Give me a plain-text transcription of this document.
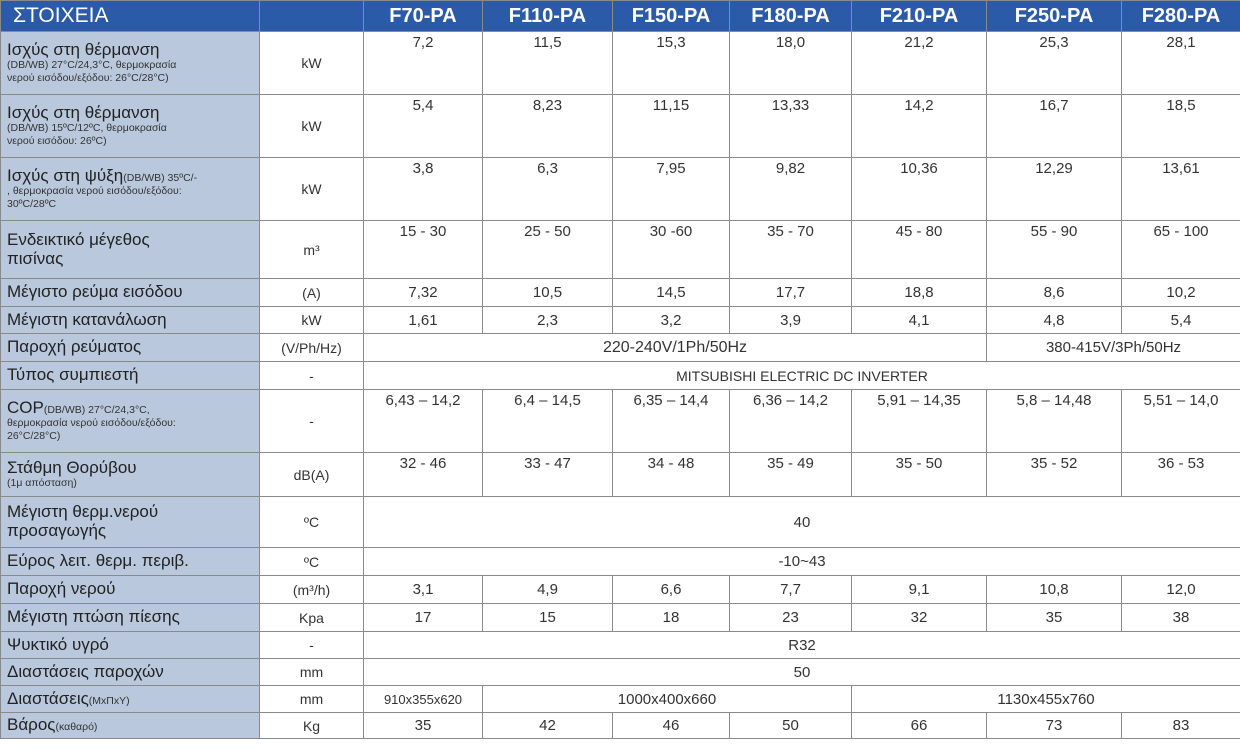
ΣΤΟΙΧΕΙΑ		F70-PA	F110-PA	F150-PA	F180-PA	F210-PA	F250-PA	F280-PA

Ισχύς στη θέρμανση
(DB/WB) 27°C/24,3°C, θερμοκρασία
νερού εισόδου/εξόδου: 26°C/28°C)	kW	7,2	11,5	15,3	18,0	21,2	25,3	28,1

Ισχύς στη θέρμανση
(DB/WB) 15ºC/12ºC, θερμοκρασία
νερού εισόδου: 26ºC)	kW	5,4	8,23	11,15	13,33	14,2	16,7	18,5

Ισχύς στη ψύξη(DB/WB) 35ºC/-
, θερμοκρασία νερού εισόδου/εξόδου:
30ºC/28ºC	kW	3,8	6,3	7,95	9,82	10,36	12,29	13,61

Ενδεικτικό μέγεθος
πισίνας	m³	15 - 30	25 - 50	30 -60	35 - 70	45 - 80	55 - 90	65 - 100

Μέγιστο ρεύμα εισόδου	(A)	7,32	10,5	14,5	17,7	18,8	8,6	10,2

Μέγιστη κατανάλωση	kW	1,61	2,3	3,2	3,9	4,1	4,8	5,4

Παροχή ρεύματος	(V/Ph/Hz)	220-240V/1Ph/50Hz					380-415V/3Ph/50Hz	

Τύπος συμπιεστή	-	MITSUBISHI ELECTRIC DC INVERTER						

COP(DB/WB) 27°C/24,3°C,
θερμοκρασία νερού εισόδου/εξόδου:
26°C/28°C)	-	6,43 – 14,2	6,4 – 14,5	6,35 – 14,4	6,36 – 14,2	5,91 – 14,35	5,8 – 14,48	5,51 – 14,0

Στάθμη Θορύβου
(1μ απόσταση)	dB(A)	32 - 46	33 - 47	34 - 48	35 - 49	35 - 50	35 - 52	36 - 53

Μέγιστη θερμ.νερού
προσαγωγής	ºC	40						

Εύρος λειτ. θερμ. περιβ.	ºC	-10~43						

Παροχή νερού	(m³/h)	3,1	4,9	6,6	7,7	9,1	10,8	12,0

Μέγιστη πτώση πίεσης	Kpa	17	15	18	23	32	35	38

Ψυκτικό υγρό	-	R32						

Διαστάσεις παροχών	mm	50						

Διαστάσεις(ΜxΠxΥ)	mm	910x355x620	1000x400x660			1130x455x760		

Βάρος(καθαρό)	Kg	35	42	46	50	66	73	83
